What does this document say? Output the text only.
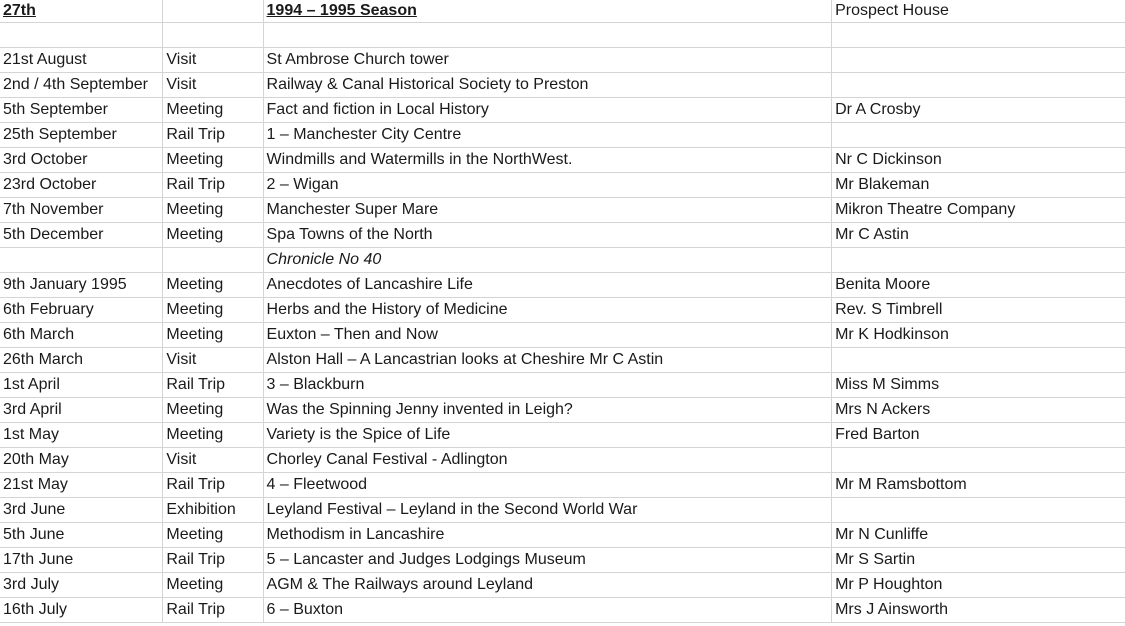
27th		1994 – 1995 Season	Prospect House

21st August	Visit	St Ambrose Church tower	
2nd / 4th September	Visit	Railway & Canal Historical Society to Preston	
5th September	Meeting	Fact and fiction in Local History	Dr A Crosby
25th September	Rail Trip	1 – Manchester City Centre	
3rd October	Meeting	Windmills and Watermills in the NorthWest.	Nr C Dickinson
23rd October	Rail Trip	2 – Wigan	Mr Blakeman
7th November	Meeting	Manchester Super Mare	Mikron Theatre Company
5th December	Meeting	Spa Towns of the North	Mr C Astin
		Chronicle No 40	
9th January 1995	Meeting	Anecdotes of Lancashire Life	Benita Moore
6th February	Meeting	Herbs and the History of Medicine	Rev. S Timbrell
6th March	Meeting	Euxton – Then and Now	Mr K Hodkinson
26th March	Visit	Alston Hall – A Lancastrian looks at Cheshire Mr C Astin	
1st April	Rail Trip	3 – Blackburn	Miss M Simms
3rd April	Meeting	Was the Spinning Jenny invented in Leigh?	Mrs N Ackers
1st May	Meeting	Variety is the Spice of Life	Fred Barton
20th May	Visit	Chorley Canal Festival - Adlington	
21st May	Rail Trip	4 – Fleetwood	Mr M Ramsbottom
3rd June	Exhibition	Leyland Festival – Leyland in the Second World War	
5th June	Meeting	Methodism in Lancashire	Mr N Cunliffe
17th June	Rail Trip	5 – Lancaster and Judges Lodgings Museum	Mr S Sartin
3rd July	Meeting	AGM & The Railways around Leyland	Mr P Houghton
16th July	Rail Trip	6 – Buxton	Mrs J Ainsworth
